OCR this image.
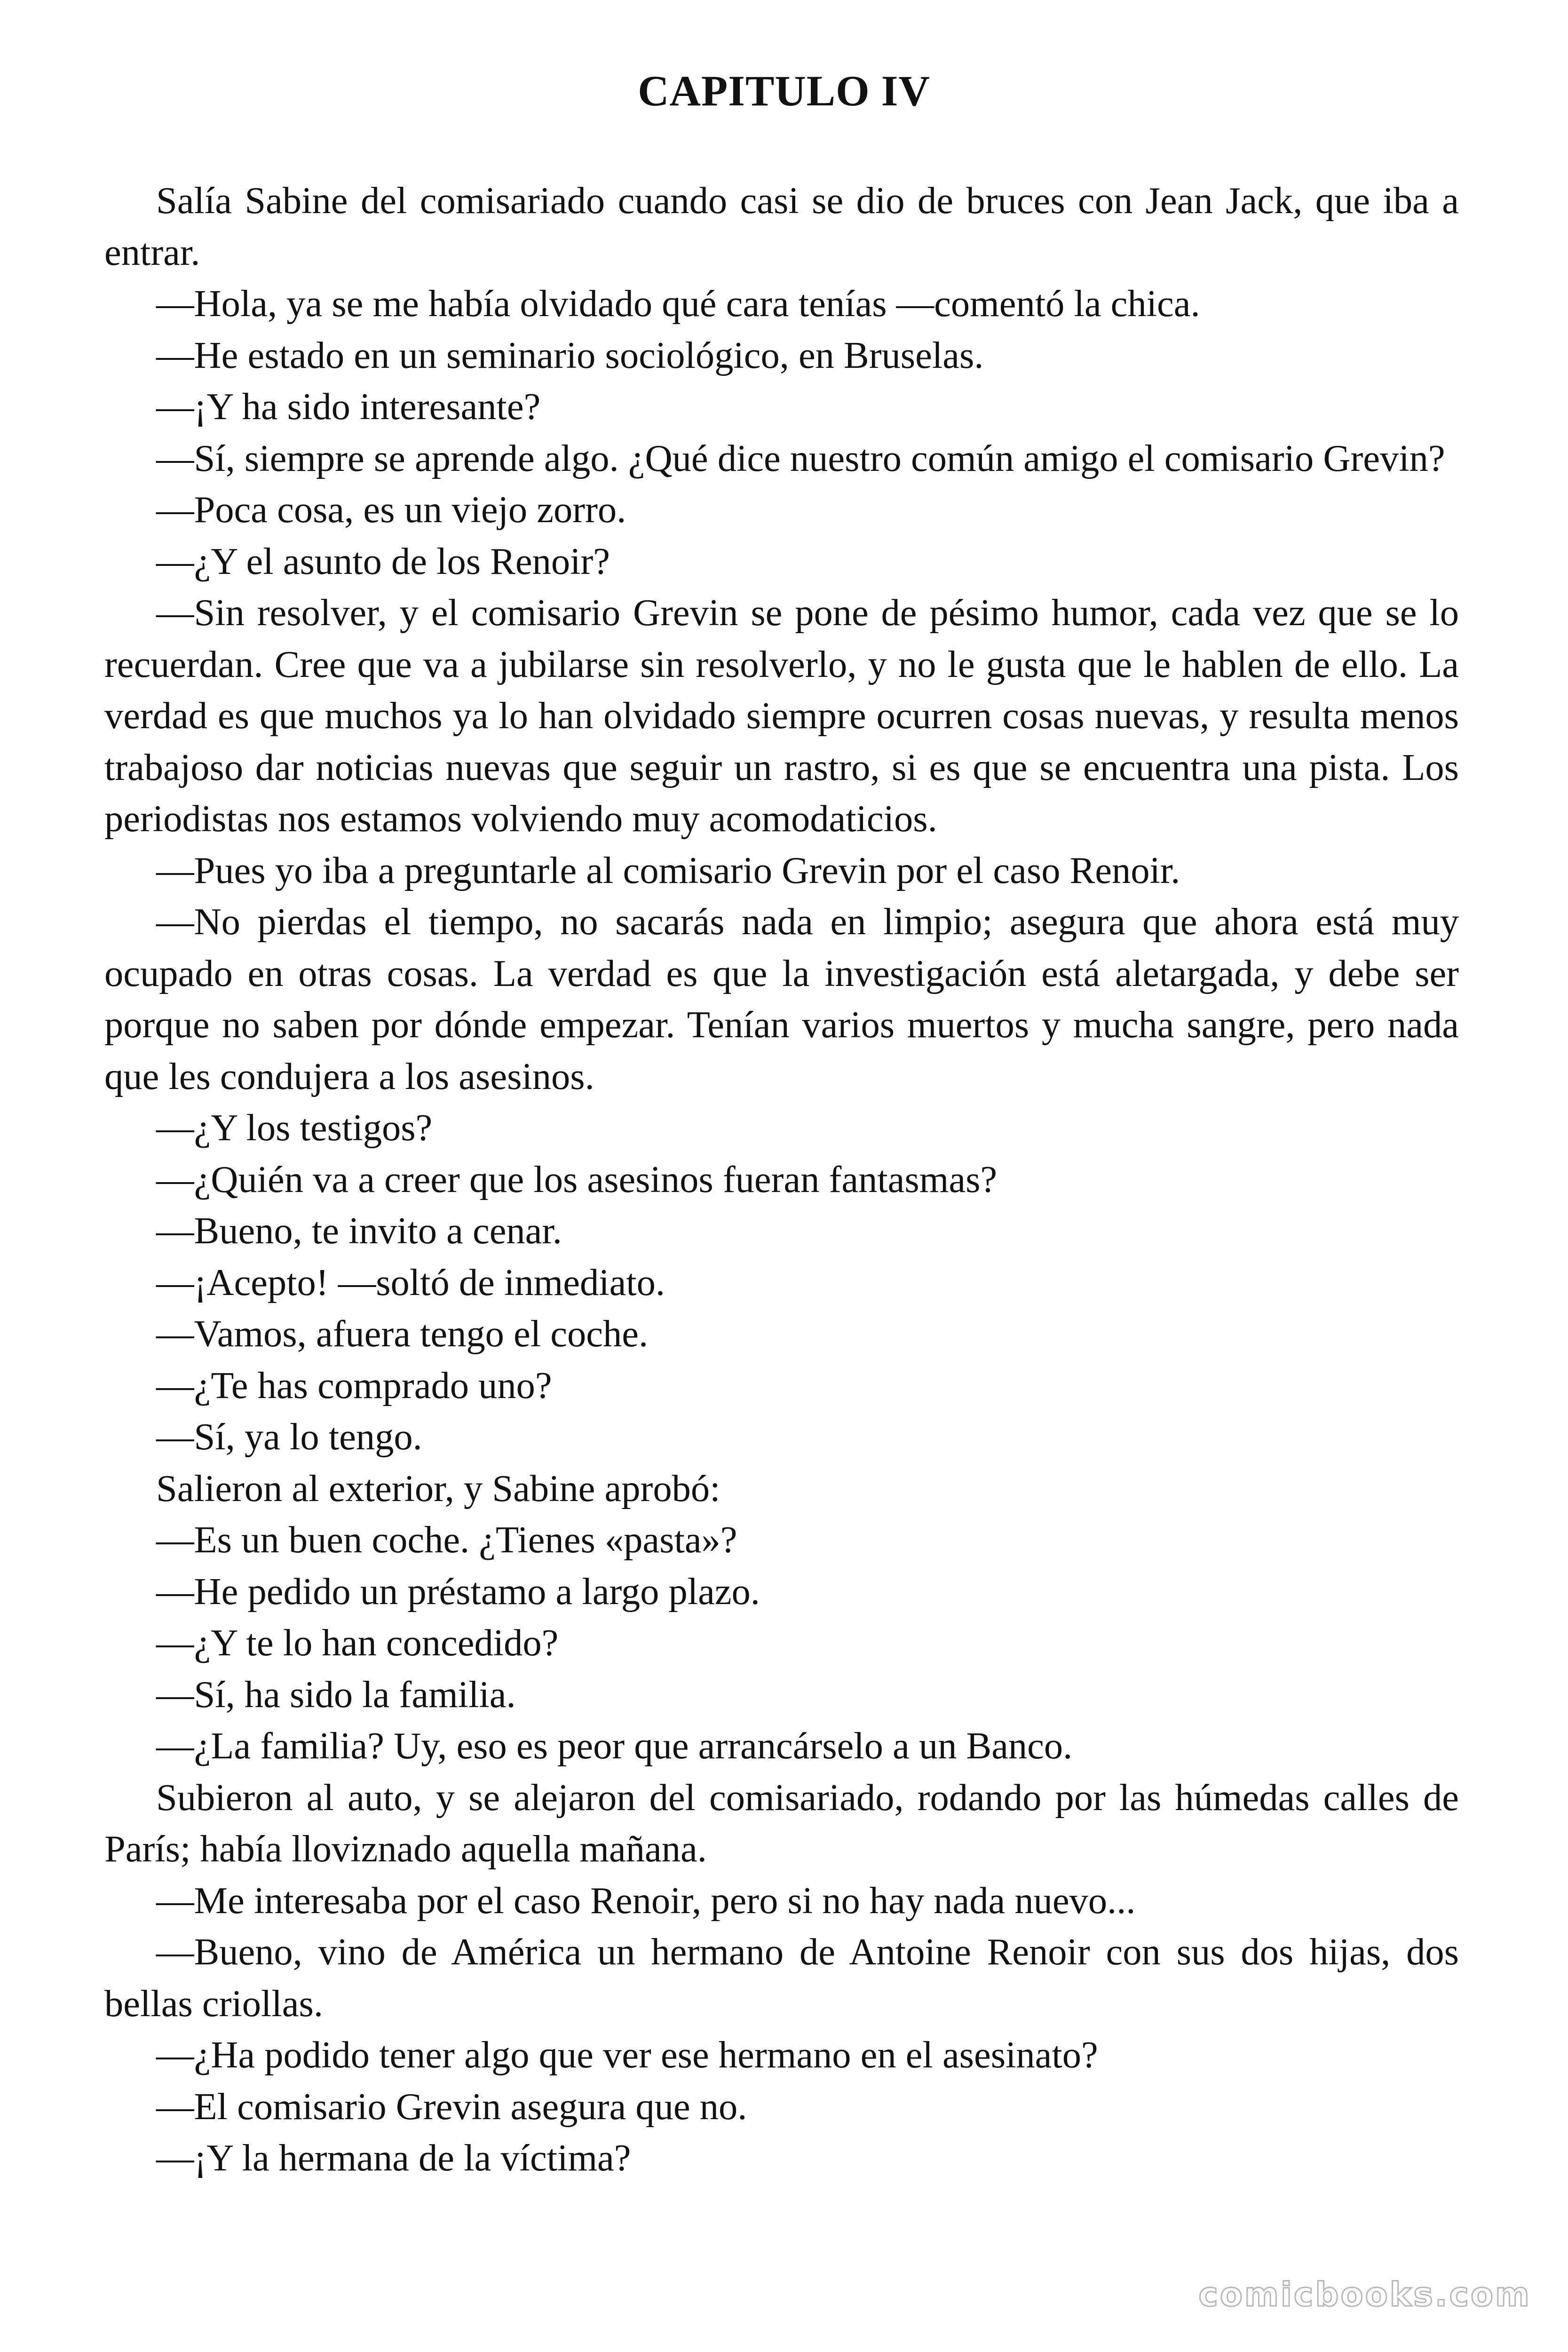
CAPITULO IV

Salía Sabine del comisariado cuando casi se dio de bruces con Jean Jack, que iba a entrar.

—Hola, ya se me había olvidado qué cara tenías —comentó la chica.

—He estado en un seminario sociológico, en Bruselas.

—¡Y ha sido interesante?

—Sí, siempre se aprende algo. ¿Qué dice nuestro común amigo el comisario Grevin?

—Poca cosa, es un viejo zorro.

—¿Y el asunto de los Renoir?

—Sin resolver, y el comisario Grevin se pone de pésimo humor, cada vez que se lo recuerdan. Cree que va a jubilarse sin resolverlo, y no le gusta que le hablen de ello. La verdad es que muchos ya lo han olvidado siempre ocurren cosas nuevas, y resulta menos trabajoso dar noticias nuevas que seguir un rastro, si es que se encuentra una pista. Los periodistas nos estamos volviendo muy acomodaticios.

—Pues yo iba a preguntarle al comisario Grevin por el caso Renoir.

—No pierdas el tiempo, no sacarás nada en limpio; asegura que ahora está muy ocupado en otras cosas. La verdad es que la investigación está aletargada, y debe ser porque no saben por dónde empezar. Tenían varios muertos y mucha sangre, pero nada que les condujera a los asesinos.

—¿Y los testigos?

—¿Quién va a creer que los asesinos fueran fantasmas?

—Bueno, te invito a cenar.

—¡Acepto! —soltó de inmediato.

—Vamos, afuera tengo el coche.

—¿Te has comprado uno?

—Sí, ya lo tengo.

Salieron al exterior, y Sabine aprobó:

—Es un buen coche. ¿Tienes «pasta»?

—He pedido un préstamo a largo plazo.

—¿Y te lo han concedido?

—Sí, ha sido la familia.

—¿La familia? Uy, eso es peor que arrancárselo a un Banco.

Subieron al auto, y se alejaron del comisariado, rodando por las húmedas calles de París; había lloviznado aquella mañana.

—Me interesaba por el caso Renoir, pero si no hay nada nuevo...

—Bueno, vino de América un hermano de Antoine Renoir con sus dos hijas, dos bellas criollas.

—¿Ha podido tener algo que ver ese hermano en el asesinato?

—El comisario Grevin asegura que no.

—¡Y la hermana de la víctima?

comicbooks.com
